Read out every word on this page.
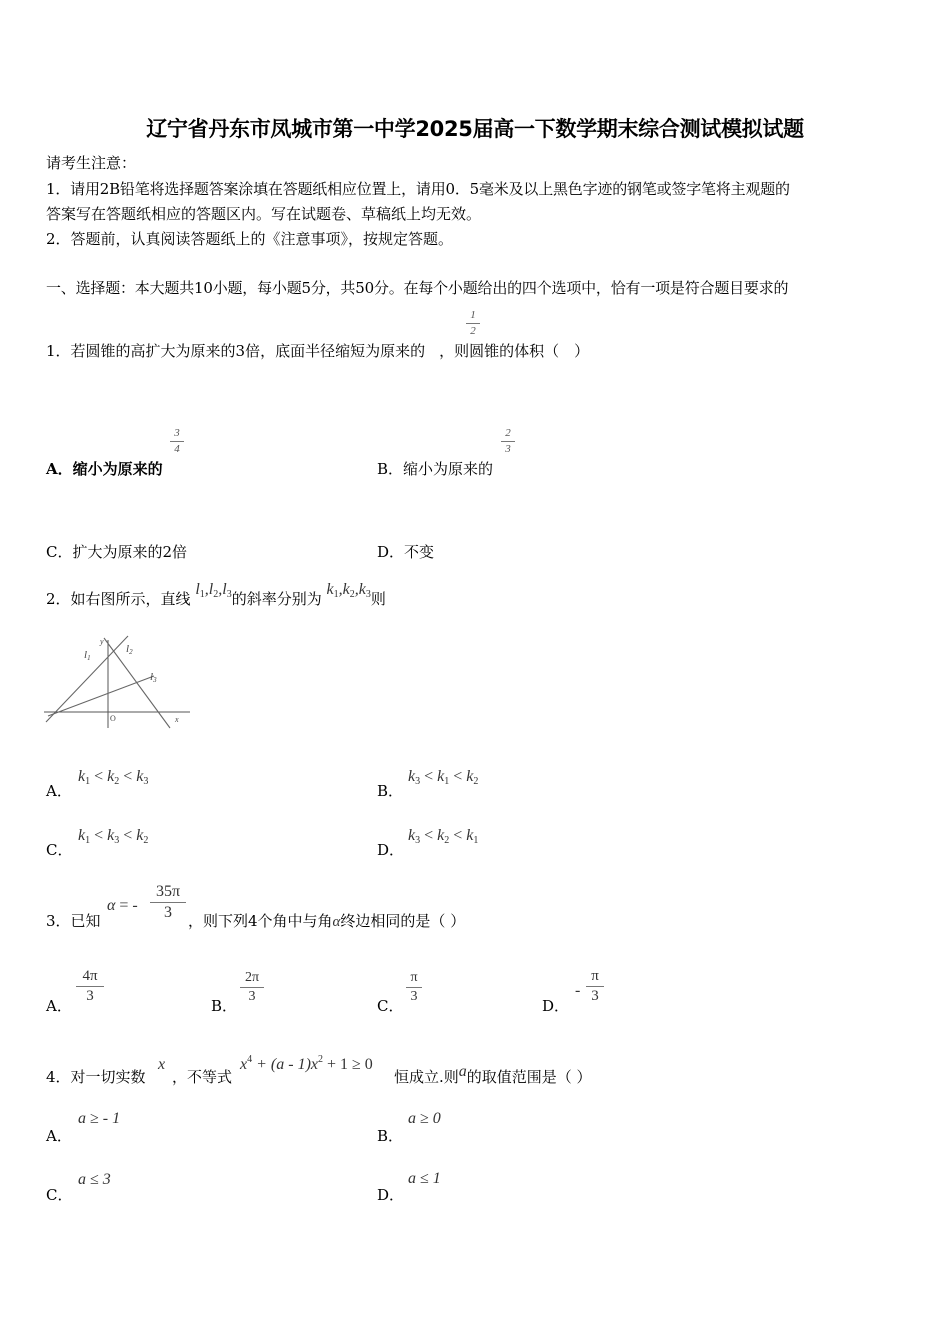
辽宁省丹东市凤城市第一中学2025届高一下数学期末综合测试模拟试题
请考生注意：
1．请用2B铅笔将选择题答案涂填在答题纸相应位置上，请用0．5毫米及以上黑色字迹的钢笔或签字笔将主观题的
答案写在答题纸相应的答题区内。写在试题卷、草稿纸上均无效。
2．答题前，认真阅读答题纸上的《注意事项》，按规定答题。
一、选择题：本大题共10小题，每小题5分，共50分。在每个小题给出的四个选项中，恰有一项是符合题目要求的
1．若圆锥的高扩大为原来的3倍，底面半径缩短为原来的 ，则圆锥的体积（　）
1
2
A．缩小为原来的
3
4
B．缩小为原来的
2
3
C．扩大为原来的2倍	D．不变
2．如右图所示，直线 $l_1,l_2,l_3$的斜率分别为 $k_1,k_2,k_3$则
l1
l2
l3
y
x
O
A．
$k_1 < k_2 < k_3$
B．
$k_3 < k_1 < k_2$
C．
$k_1 < k_3 < k_2$
D．
$k_3 < k_2 < k_1$
3．已知
α = -
35π
3	，则下列4个角中与角α终边相同的是（ ）
A．
4π
3
B．
2π
3
C．
π
3
D．
-
π
3
4．对一切实数
x
，不等式
$x^4 + (a - 1)x^2 + 1 \ge 0$
恒成立.则a的取值范围是（ ）
A．
a ≥ - 1
B．
a ≥ 0
C．
a ≤ 3
D．
a ≤ 1
